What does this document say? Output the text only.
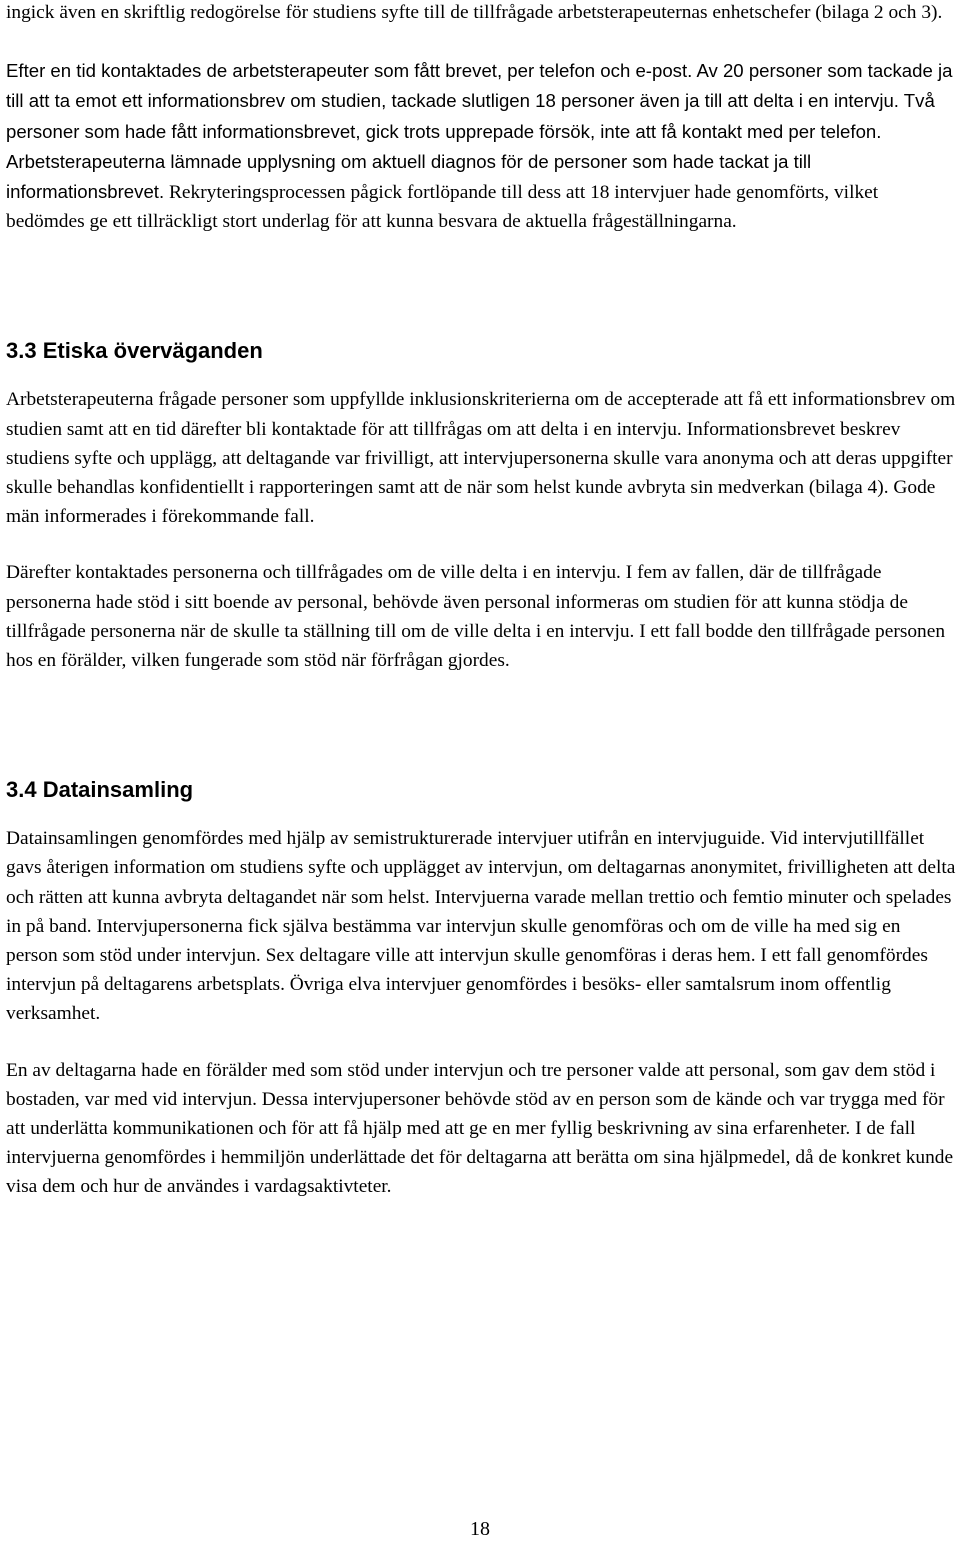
ingick även en skriftlig redogörelse för studiens syfte till de tillfrågade arbetsterapeuternas enhetschefer (bilaga 2 och 3).

Efter en tid kontaktades de arbetsterapeuter som fått brevet, per telefon och e-post. Av 20 personer som tackade ja till att ta emot ett informationsbrev om studien, tackade slutligen 18 personer även ja till att delta i en intervju. Två personer som hade fått informationsbrevet, gick trots upprepade försök, inte att få kontakt med per telefon. Arbetsterapeuterna lämnade upplysning om aktuell diagnos för de personer som hade tackat ja till informationsbrevet. Rekryteringsprocessen pågick fortlöpande till dess att 18 intervjuer hade genomförts, vilket bedömdes ge ett tillräckligt stort underlag för att kunna besvara de aktuella frågeställningarna.

3.3 Etiska överväganden

Arbetsterapeuterna frågade personer som uppfyllde inklusionskriterierna om de accepterade att få ett informationsbrev om studien samt att en tid därefter bli kontaktade för att tillfrågas om att delta i en intervju. Informationsbrevet beskrev studiens syfte och upplägg, att deltagande var frivilligt, att intervjupersonerna skulle vara anonyma och att deras uppgifter skulle behandlas konfidentiellt i rapporteringen samt att de när som helst kunde avbryta sin medverkan (bilaga 4). Gode män informerades i förekommande fall.

Därefter kontaktades personerna och tillfrågades om de ville delta i en intervju. I fem av fallen, där de tillfrågade personerna hade stöd i sitt boende av personal, behövde även personal informeras om studien för att kunna stödja de tillfrågade personerna när de skulle ta ställning till om de ville delta i en intervju. I ett fall bodde den tillfrågade personen hos en förälder, vilken fungerade som stöd när förfrågan gjordes.

3.4 Datainsamling

Datainsamlingen genomfördes med hjälp av semistrukturerade intervjuer utifrån en intervjuguide. Vid intervjutillfället gavs återigen information om studiens syfte och upplägget av intervjun, om deltagarnas anonymitet, frivilligheten att delta och rätten att kunna avbryta deltagandet när som helst. Intervjuerna varade mellan trettio och femtio minuter och spelades in på band. Intervjupersonerna fick själva bestämma var intervjun skulle genomföras och om de ville ha med sig en person som stöd under intervjun. Sex deltagare ville att intervjun skulle genomföras i deras hem. I ett fall genomfördes intervjun på deltagarens arbetsplats. Övriga elva intervjuer genomfördes i besöks- eller samtalsrum inom offentlig verksamhet.

En av deltagarna hade en förälder med som stöd under intervjun och tre personer valde att personal, som gav dem stöd i bostaden, var med vid intervjun. Dessa intervjupersoner behövde stöd av en person som de kände och var trygga med för att underlätta kommunikationen och för att få hjälp med att ge en mer fyllig beskrivning av sina erfarenheter. I de fall intervjuerna genomfördes i hemmiljön underlättade det för deltagarna att berätta om sina hjälpmedel, då de konkret kunde visa dem och hur de användes i vardagsaktivteter.

18
